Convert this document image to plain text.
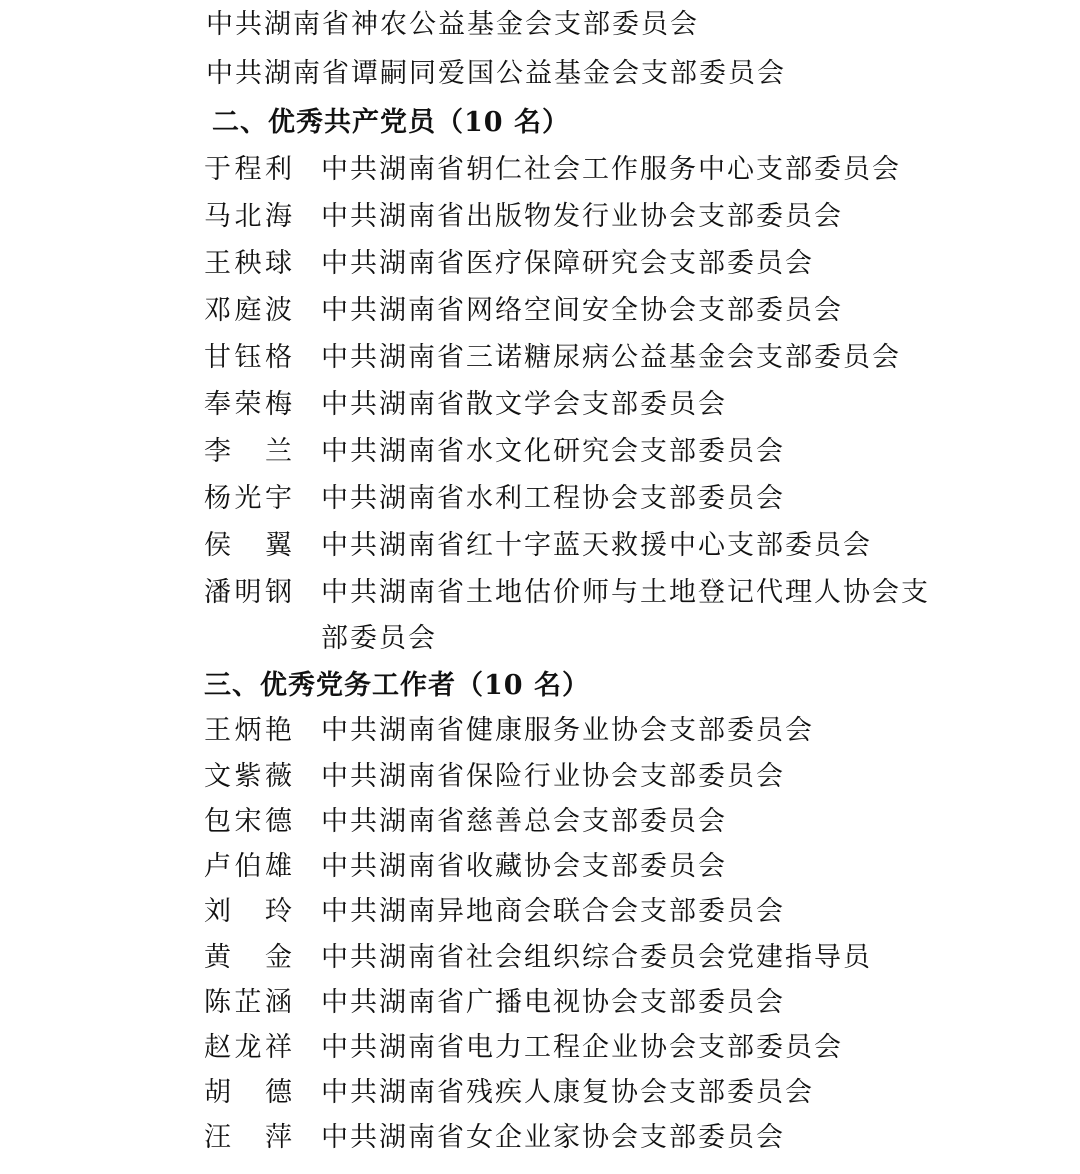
中共湖南省神农公益基金会支部委员会
中共湖南省谭嗣同爱国公益基金会支部委员会
二、优秀共产党员（10 名）
于 程 利 中共湖南省䢁仁社会工作服务中心支部委员会
马 北 海 中共湖南省出版物发行业协会支部委员会
王 秧 球 中共湖南省医疗保障研究会支部委员会
邓 庭 波 中共湖南省网络空间安全协会支部委员会
甘 钰 格 中共湖南省三诺糖尿病公益基金会支部委员会
奉 荣 梅 中共湖南省散文学会支部委员会
李 兰 中共湖南省水文化研究会支部委员会
杨 光 宇 中共湖南省水利工程协会支部委员会
侯 翼 中共湖南省红十字蓝天救援中心支部委员会
潘 明 钢 中共湖南省土地估价师与土地登记代理人协会支
部委员会
三、优秀党务工作者（10 名）
王 炳 艳 中共湖南省健康服务业协会支部委员会
文 紫 薇 中共湖南省保险行业协会支部委员会
包 宋 德 中共湖南省慈善总会支部委员会
卢 伯 雄 中共湖南省收藏协会支部委员会
刘 玲 中共湖南异地商会联合会支部委员会
黄 金 中共湖南省社会组织综合委员会党建指导员
陈 芷 涵 中共湖南省广播电视协会支部委员会
赵 龙 祥 中共湖南省电力工程企业协会支部委员会
胡 德 中共湖南省残疾人康复协会支部委员会
汪 萍 中共湖南省女企业家协会支部委员会
